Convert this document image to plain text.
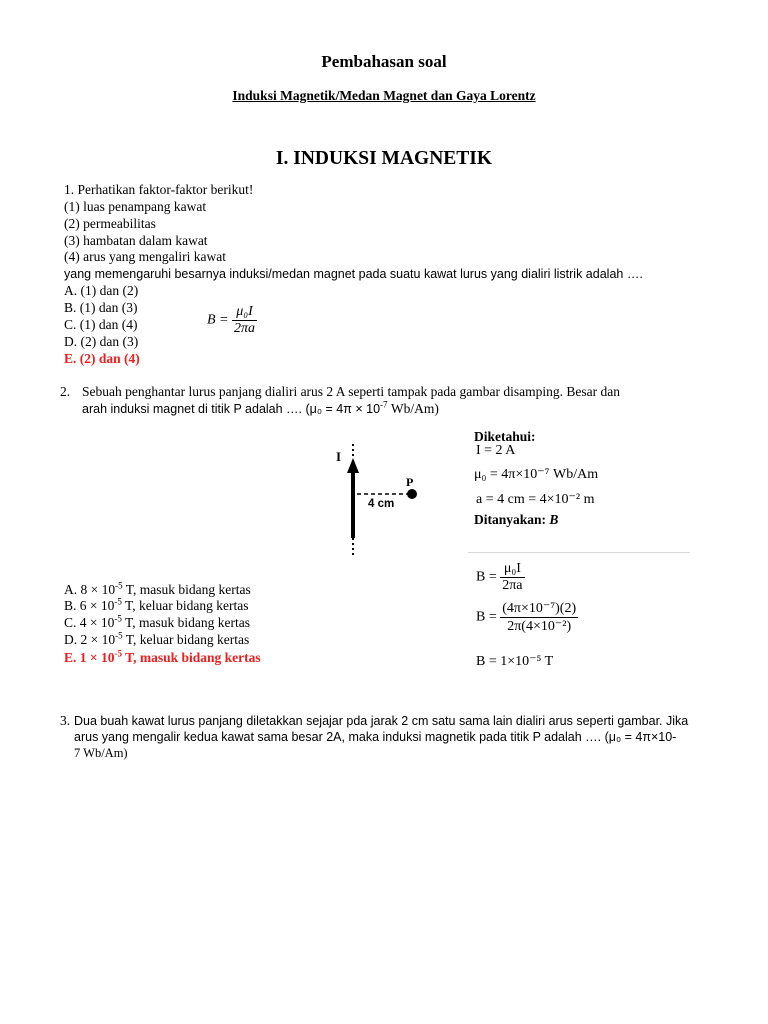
Pembahasan soal
Induksi Magnetik/Medan Magnet dan Gaya Lorentz
I. INDUKSI MAGNETIK
1. Perhatikan faktor-faktor berikut!
(1) luas penampang kawat
(2) permeabilitas
(3) hambatan dalam kawat
(4) arus yang mengaliri kawat
yang memengaruhi besarnya induksi/medan magnet pada suatu kawat lurus yang dialiri listrik adalah ….
A. (1) dan (2)
B. (1) dan (3)
C. (1) dan (4)
D. (2) dan (3)
E. (2) dan (4)
$B = \frac{\text{μ₀I}}{2\pi a}$
2. Sebuah penghantar lurus panjang dialiri arus 2 A seperti tampak pada gambar disamping. Besar dan
arah induksi magnet di titik P adalah …. ($\mu_0 = 4\pi \times 10^{-7}$ Wb/Am)
I
P
4 cm
Diketahui:
I = 2 A
μ₀ = 4π×10⁻⁷ Wb/Am
a = 4 cm = 4×10⁻² m
Ditanyakan: B
$B = \frac{\text{μ₀I}}{2\pi a}$
$B = \frac{\text{(4π×10⁻⁷)(2)}}{\text{2π(4×10⁻²)}}$
B = 1×10⁻⁵ T
A. $8 \times 10^{-5}$ T, masuk bidang kertas
B. $6 \times 10^{-5}$ T, keluar bidang kertas
C. $4 \times 10^{-5}$ T, masuk bidang kertas
D. $2 \times 10^{-5}$ T, keluar bidang kertas
E. $1 \times 10^{-5}$ T, masuk bidang kertas
3. Dua buah kawat lurus panjang diletakkan sejajar pda jarak 2 cm satu sama lain dialiri arus seperti gambar. Jika
arus yang mengalir kedua kawat sama besar 2A, maka induksi magnetik pada titik P adalah …. (μ₀ = 4π×10-
7 Wb/Am)
